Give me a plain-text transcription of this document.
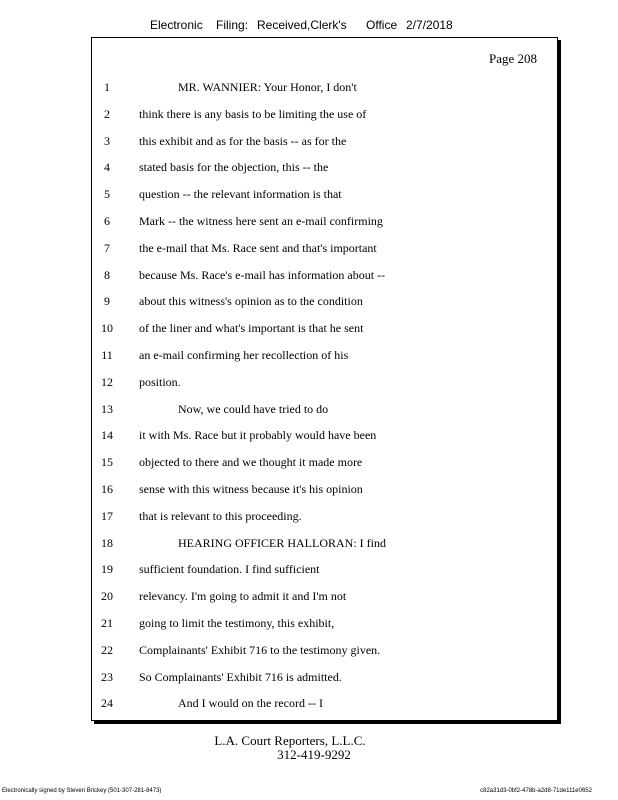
Electronic Filing: Received,Clerk's Office 2/7/2018
Page 208
1	MR. WANNIER: Your Honor, I don't
2	think there is any basis to be limiting the use of
3	this exhibit and as for the basis -- as for the
4	stated basis for the objection, this -- the
5	question -- the relevant information is that
6	Mark -- the witness here sent an e-mail confirming
7	the e-mail that Ms. Race sent and that's important
8	because Ms. Race's e-mail has information about --
9	about this witness's opinion as to the condition
10 of the liner and what's important is that he sent
11 an e-mail confirming her recollection of his
12 position.
13	Now, we could have tried to do
14 it with Ms. Race but it probably would have been
15 objected to there and we thought it made more
16 sense with this witness because it's his opinion
17 that is relevant to this proceeding.
18	HEARING OFFICER HALLORAN: I find
19 sufficient foundation. I find sufficient
20 relevancy. I'm going to admit it and I'm not
21 going to limit the testimony, this exhibit,
22 Complainants' Exhibit 716 to the testimony given.
23 So Complainants' Exhibit 716 is admitted.
24	And I would on the record -- I
L.A. Court Reporters, L.L.C.
312-419-9292
Electronically signed by Steven Brickey (501-307-281-8473)	c82a31d3-0bf2-478b-a2d8-71de111e0652
